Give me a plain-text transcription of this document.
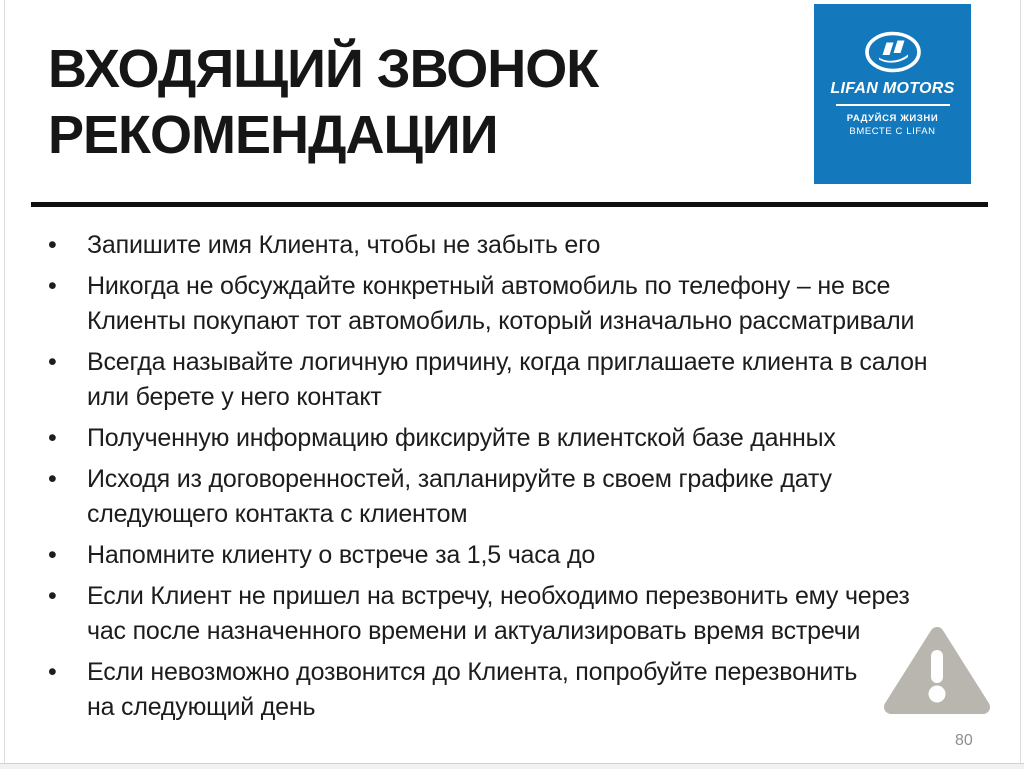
ВХОДЯЩИЙ ЗВОНОК
РЕКОМЕНДАЦИИ
LIFAN MOTORS
РАДУЙСЯ ЖИЗНИ
ВМЕСТЕ С LIFAN
• Запишите имя Клиента, чтобы не забыть его
• Никогда не обсуждайте конкретный автомобиль по телефону – не все
Клиенты покупают тот автомобиль, который изначально рассматривали
• Всегда называйте логичную причину, когда приглашаете клиента в салон
или берете у него контакт
• Полученную информацию фиксируйте в клиентской базе данных
• Исходя из договоренностей, запланируйте в своем графике дату
следующего контакта с клиентом
• Напомните клиенту о встрече за 1,5 часа до
• Если Клиент не пришел на встречу, необходимо перезвонить ему через
час после назначенного времени и актуализировать время встречи
• Если невозможно дозвонится до Клиента, попробуйте перезвонить
на следующий день
80
